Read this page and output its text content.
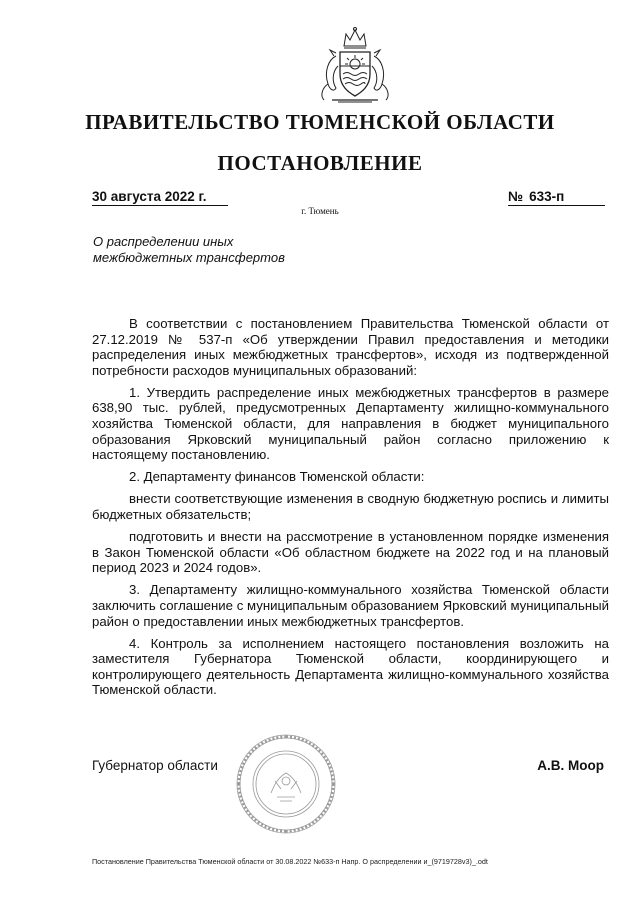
ПРАВИТЕЛЬСТВО ТЮМЕНСКОЙ ОБЛАСТИ
ПОСТАНОВЛЕНИЕ
30 августа 2022 г.	№ 633-п
г. Тюмень
О распределении иных
межбюджетных трансфертов

В соответствии с постановлением Правительства Тюменской области от 27.12.2019 № 537-п «Об утверждении Правил предоставления и методики распределения иных межбюджетных трансфертов», исходя из подтвержденной потребности расходов муниципальных образований:

1. Утвердить распределение иных межбюджетных трансфертов в размере 638,90 тыс. рублей, предусмотренных Департаменту жилищно-коммунального хозяйства Тюменской области, для направления в бюджет муниципального образования Ярковский муниципальный район согласно приложению к настоящему постановлению.

2. Департаменту финансов Тюменской области:

внести соответствующие изменения в сводную бюджетную роспись и лимиты бюджетных обязательств;

подготовить и внести на рассмотрение в установленном порядке изменения в Закон Тюменской области «Об областном бюджете на 2022 год и на плановый период 2023 и 2024 годов».

3. Департаменту жилищно-коммунального хозяйства Тюменской области заключить соглашение с муниципальным образованием Ярковский муниципальный район о предоставлении иных межбюджетных трансфертов.

4. Контроль за исполнением настоящего постановления возложить на заместителя Губернатора Тюменской области, координирующего и контролирующего деятельность Департамента жилищно-коммунального хозяйства Тюменской области.

Губернатор области	А.В. Моор
Постановление Правительства Тюменской области от 30.08.2022 №633-п Напр. О распределении и_(9719728v3)_.odt
